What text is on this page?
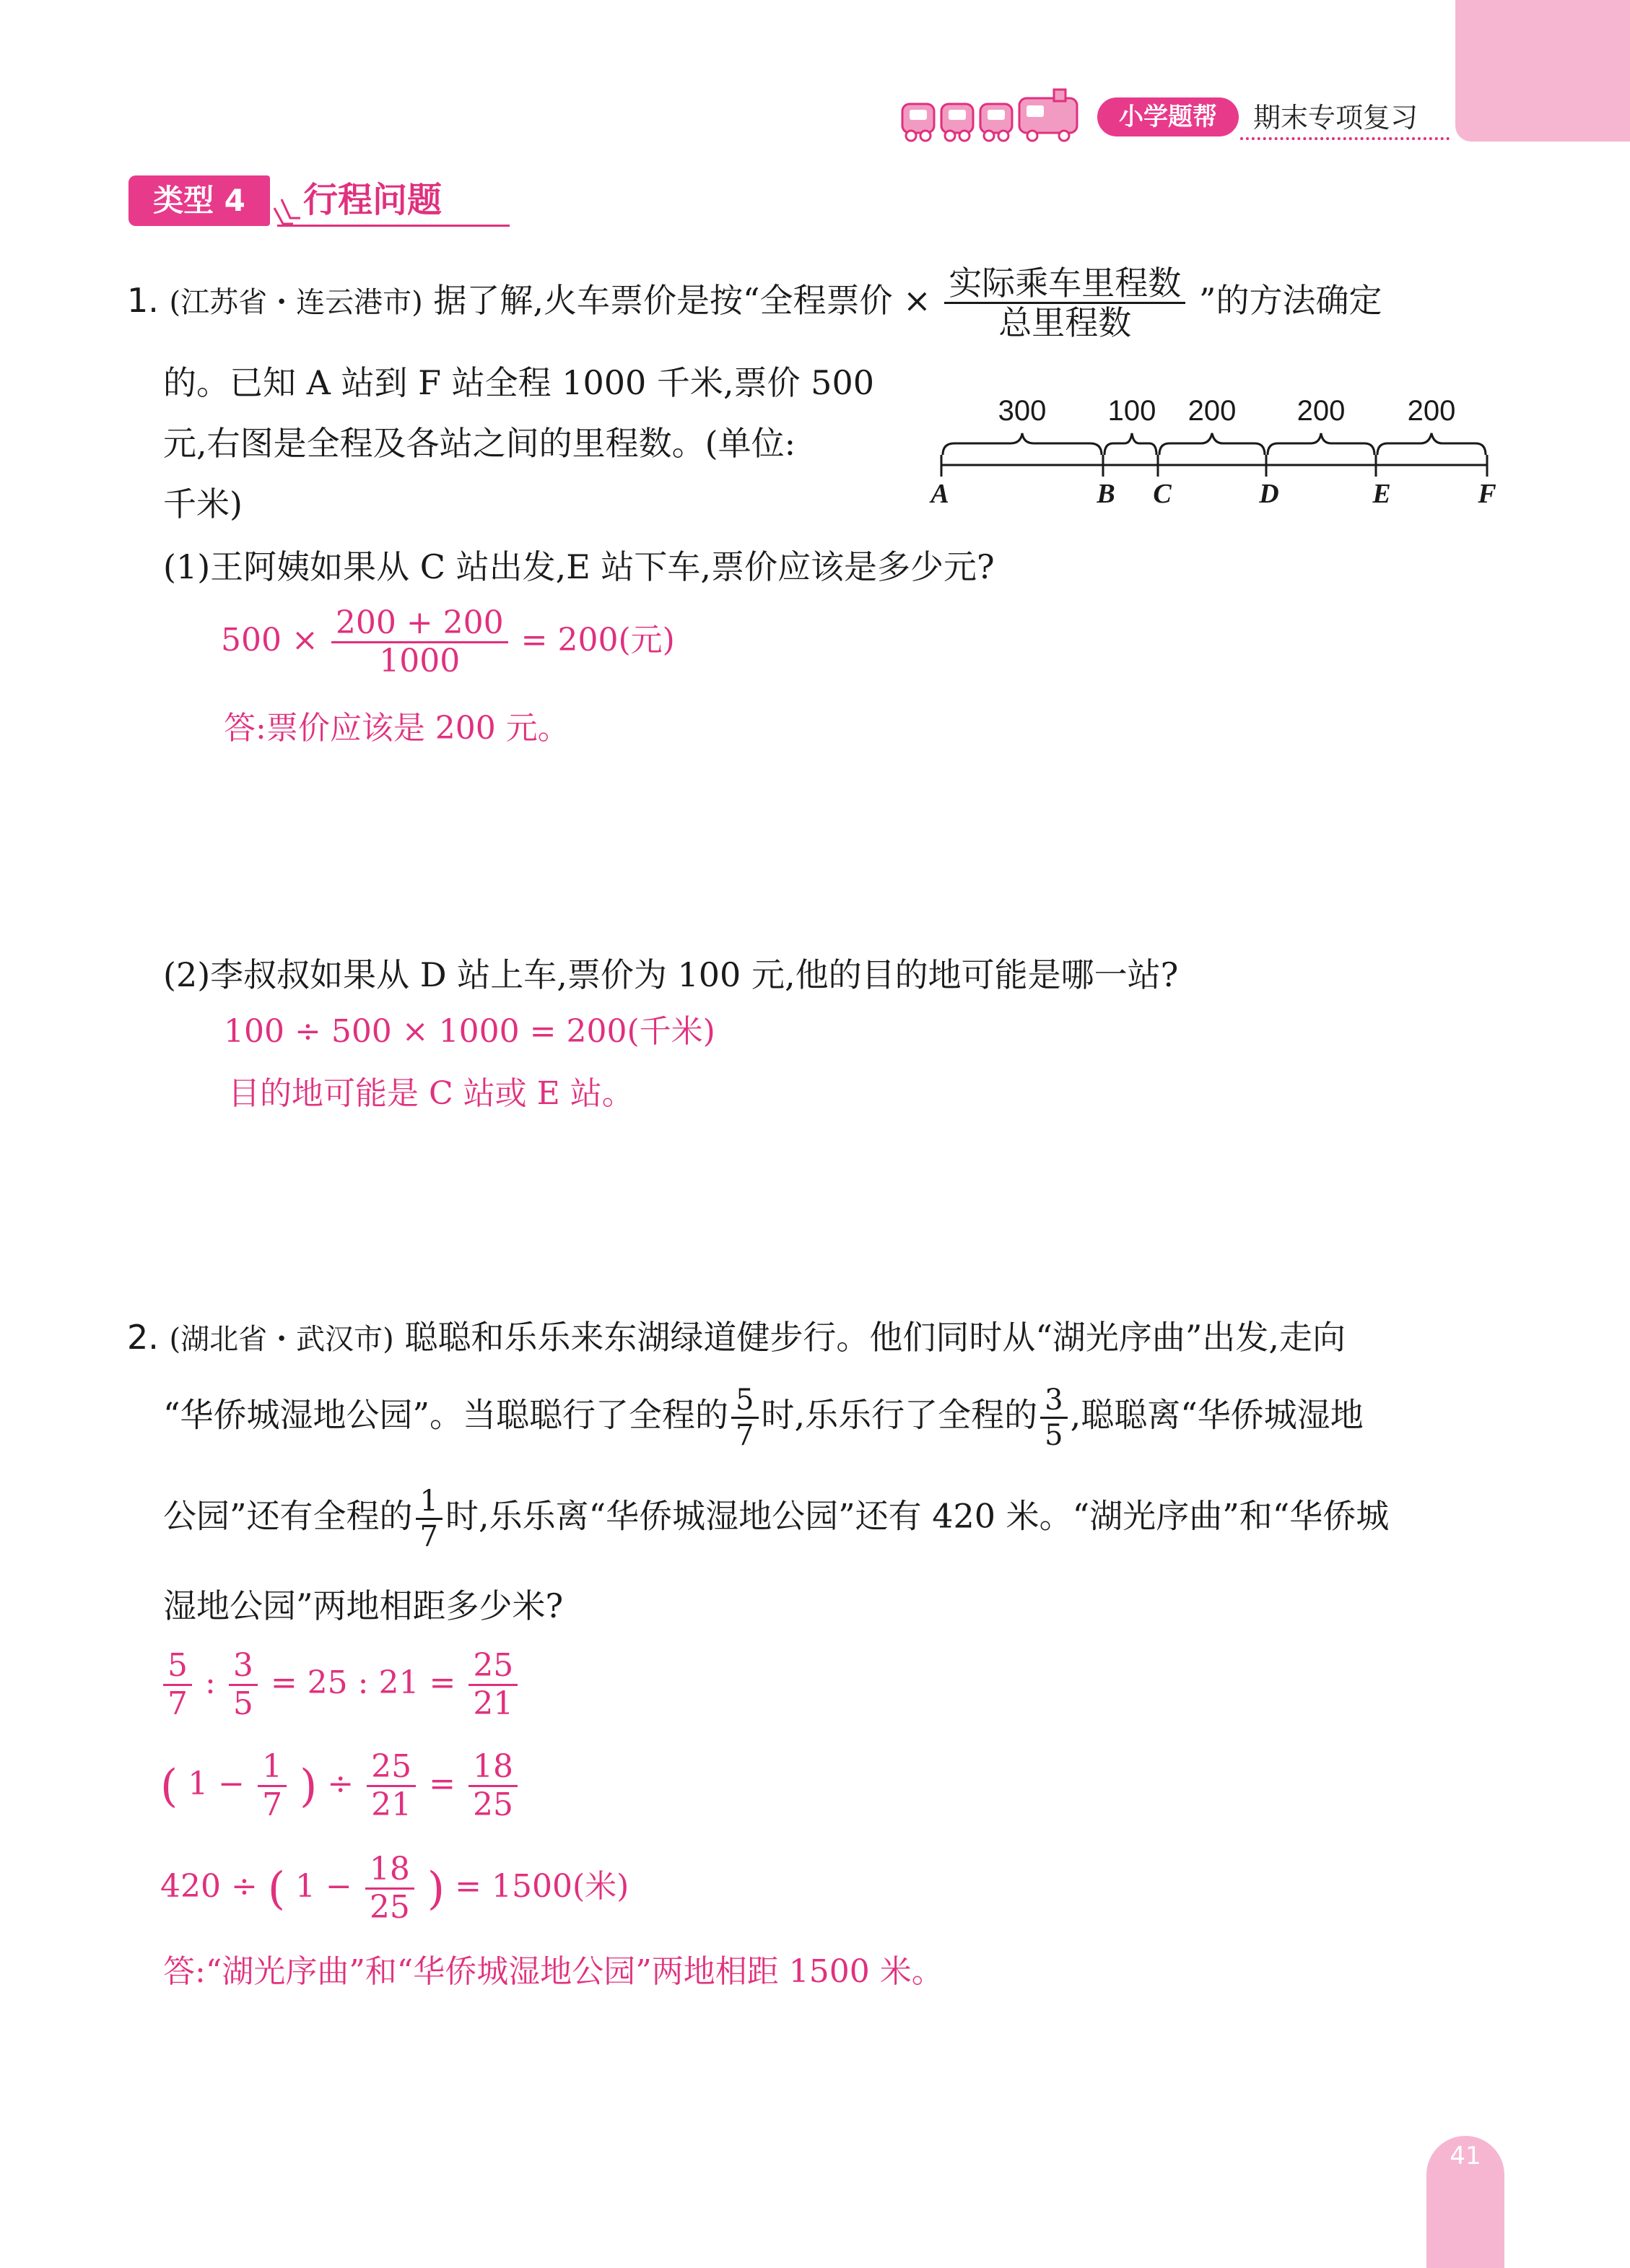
小学题帮	期末专项复习
类型 4	行程问题
1. (江苏省・连云港市) 据了解,火车票价是按“全程票价 × $\frac{\text{实际乘车里程数}}{\text{总里程数}}$ ”的方法确定
的。已知 A 站到 F 站全程 1000 千米,票价 500
元,右图是全程及各站之间的里程数。(单位:
千米)
300 100 200 200 200
A	B C	D	E	F
(1)王阿姨如果从 C 站出发,E 站下车,票价应该是多少元?
$500 \times \frac{200 + 200}{1000} = 200$(元)
答:票价应该是 200 元。
(2)李叔叔如果从 D 站上车,票价为 100 元,他的目的地可能是哪一站?
100 ÷ 500 × 1000 = 200(千米)
目的地可能是 C 站或 E 站。
2. (湖北省・武汉市) 聪聪和乐乐来东湖绿道健步行。他们同时从“湖光序曲”出发,走向
“华侨城湿地公园”。当聪聪行了全程的 $\frac{5}{7}$ 时,乐乐行了全程的 $\frac{3}{5}$ ,聪聪离“华侨城湿地
公园”还有全程的 $\frac{1}{7}$ 时,乐乐离“华侨城湿地公园”还有 420 米。“湖光序曲”和“华侨城
湿地公园”两地相距多少米?
$\frac{5}{7}$ : $\frac{3}{5} = 25$ : $21 = \frac{25}{21}$
( $1 - \frac{1}{7}$ ) ÷ $\frac{25}{21} = \frac{18}{25}$
420 ÷ ( $1 - \frac{18}{25}$ ) = 1500(米)
答:“湖光序曲”和“华侨城湿地公园”两地相距 1500 米。
41
